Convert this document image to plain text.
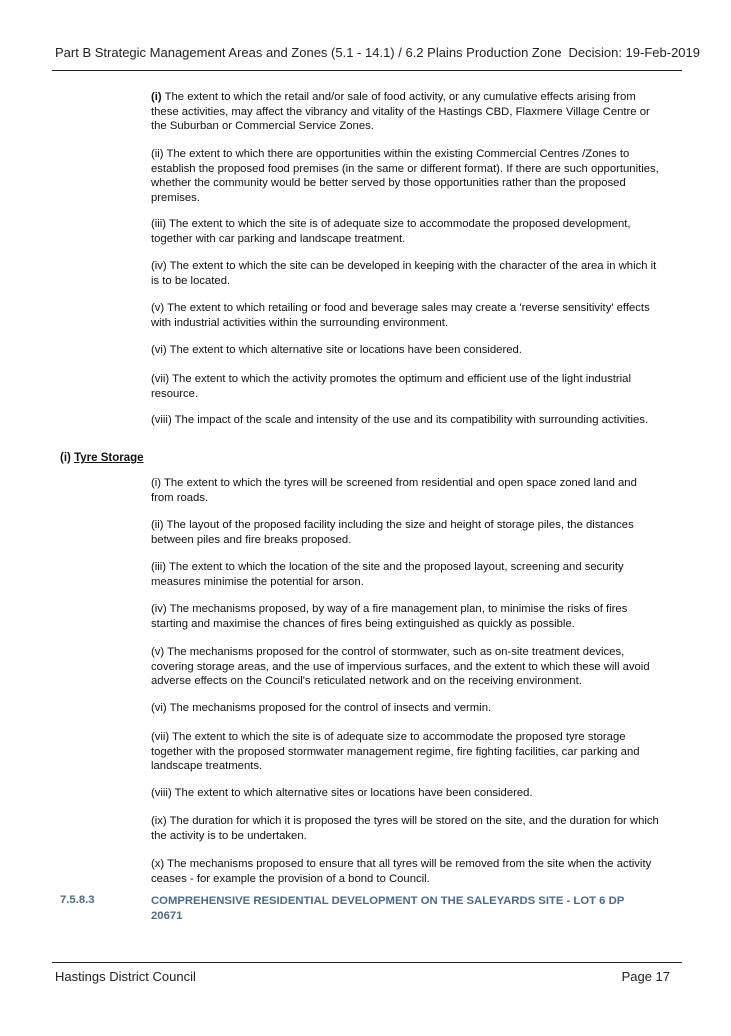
Part B Strategic Management Areas and Zones (5.1 - 14.1) / 6.2 Plains Production Zone Decision: 19-Feb-2019

(i) The extent to which the retail and/or sale of food activity, or any cumulative effects arising from these activities, may affect the vibrancy and vitality of the Hastings CBD, Flaxmere Village Centre or the Suburban or Commercial Service Zones.

(ii) The extent to which there are opportunities within the existing Commercial Centres /Zones to establish the proposed food premises (in the same or different format). If there are such opportunities, whether the community would be better served by those opportunities rather than the proposed premises.

(iii) The extent to which the site is of adequate size to accommodate the proposed development, together with car parking and landscape treatment.

(iv) The extent to which the site can be developed in keeping with the character of the area in which it is to be located.

(v) The extent to which retailing or food and beverage sales may create a 'reverse sensitivity' effects with industrial activities within the surrounding environment.

(vi) The extent to which alternative site or locations have been considered.

(vii) The extent to which the activity promotes the optimum and efficient use of the light industrial resource.

(viii) The impact of the scale and intensity of the use and its compatibility with surrounding activities.

(i) Tyre Storage

(i) The extent to which the tyres will be screened from residential and open space zoned land and from roads.

(ii) The layout of the proposed facility including the size and height of storage piles, the distances between piles and fire breaks proposed.

(iii) The extent to which the location of the site and the proposed layout, screening and security measures minimise the potential for arson.

(iv) The mechanisms proposed, by way of a fire management plan, to minimise the risks of fires starting and maximise the chances of fires being extinguished as quickly as possible.

(v) The mechanisms proposed for the control of stormwater, such as on-site treatment devices, covering storage areas, and the use of impervious surfaces, and the extent to which these will avoid adverse effects on the Council's reticulated network and on the receiving environment.

(vi) The mechanisms proposed for the control of insects and vermin.

(vii) The extent to which the site is of adequate size to accommodate the proposed tyre storage together with the proposed stormwater management regime, fire fighting facilities, car parking and landscape treatments.

(viii) The extent to which alternative sites or locations have been considered.

(ix) The duration for which it is proposed the tyres will be stored on the site, and the duration for which the activity is to be undertaken.

(x) The mechanisms proposed to ensure that all tyres will be removed from the site when the activity ceases - for example the provision of a bond to Council.

7.5.8.3	COMPREHENSIVE RESIDENTIAL DEVELOPMENT ON THE SALEYARDS SITE - LOT 6 DP 20671
Hastings District Council	Page 17
